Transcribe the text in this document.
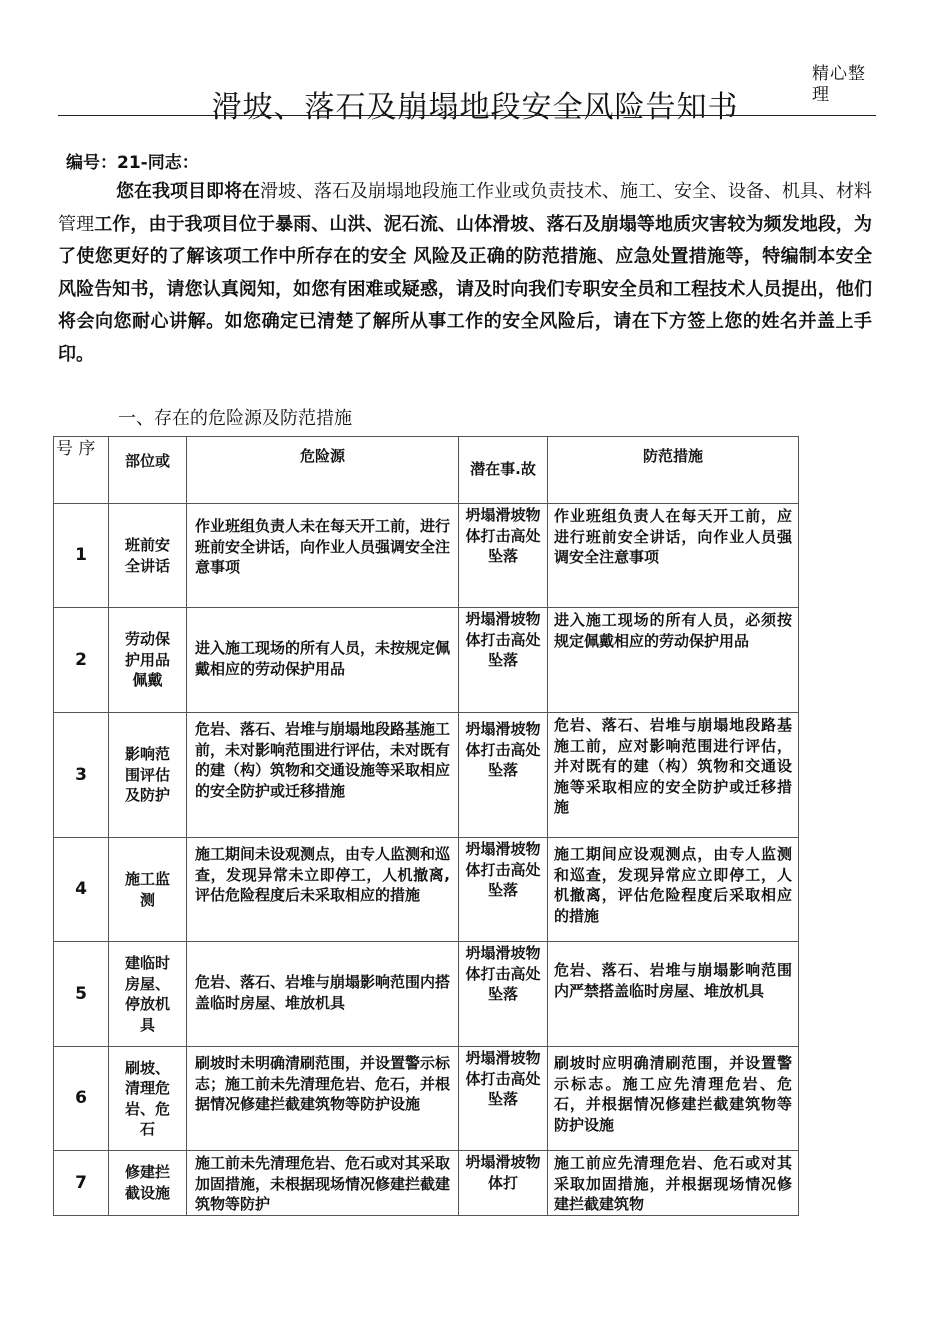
精心整理
滑坡、落石及崩塌地段安全风险告知书
编号：21-同志：
您在我项目即将在滑坡、落石及崩塌地段施工作业或负责技术、施工、安全、设备、机具、材料管理工作，由于我项目位于暴雨、山洪、泥石流、山体滑坡、落石及崩塌等地质灾害较为频发地段，为了使您更好的了解该项工作中所存在的安全 风险及正确的防范措施、应急处置措施等，特编制本安全风险告知书，请您认真阅知，如您有困难或疑惑，请及时向我们专职安全员和工程技术人员提出，他们将会向您耐心讲解。如您确定已清楚了解所从事工作的安全风险后，请在下方签上您的姓名并盖上手印。
一、存在的危险源及防范措施
号 序	部位或	危险源	潜在事.故	防范措施
1	班前安全讲话	作业班组负责人未在每天开工前，进行班前安全讲话，向作业人员强调安全注意事项	坍塌滑坡物体打击高处坠落	作业班组负责人在每天开工前，应进行班前安全讲话，向作业人员强调安全注意事项
2	劳动保护用品佩戴	进入施工现场的所有人员，未按规定佩戴相应的劳动保护用品	坍塌滑坡物体打击高处坠落	进入施工现场的所有人员，必须按规定佩戴相应的劳动保护用品
3	影响范围评估及防护	危岩、落石、岩堆与崩塌地段路基施工前，未对影响范围进行评估，未对既有的建（构）筑物和交通设施等采取相应的安全防护或迁移措施	坍塌滑坡物体打击高处坠落	危岩、落石、岩堆与崩塌地段路基施工前，应对影响范围进行评估，并对既有的建（构）筑物和交通设施等采取相应的安全防护或迁移措施
4	施工监测	施工期间未设观测点，由专人监测和巡查，发现异常未立即停工，人机撤离,评估危险程度后未采取相应的措施	坍塌滑坡物体打击高处坠落	施工期间应设观测点，由专人监测和巡查，发现异常应立即停工，人机撤离，评估危险程度后采取相应的措施
5	建临时房屋、停放机具	危岩、落石、岩堆与崩塌影响范围内搭盖临时房屋、堆放机具	坍塌滑坡物体打击高处坠落	危岩、落石、岩堆与崩塌影响范围内严禁搭盖临时房屋、堆放机具
6	刷坡、清理危岩、危石	刷坡时未明确清刷范围，并设置警示标志；施工前未先清理危岩、危石，并根据情况修建拦截建筑物等防护设施	坍塌滑坡物体打击高处坠落	刷坡时应明确清刷范围，并设置警示标志。施工应先清理危岩、危石，并根据情况修建拦截建筑物等防护设施
7	修建拦截设施	施工前未先清理危岩、危石或对其采取加固措施，未根据现场情况修建拦截建筑物等防护	坍塌滑坡物体打	施工前应先清理危岩、危石或对其采取加固措施，并根据现场情况修建拦截建筑物
